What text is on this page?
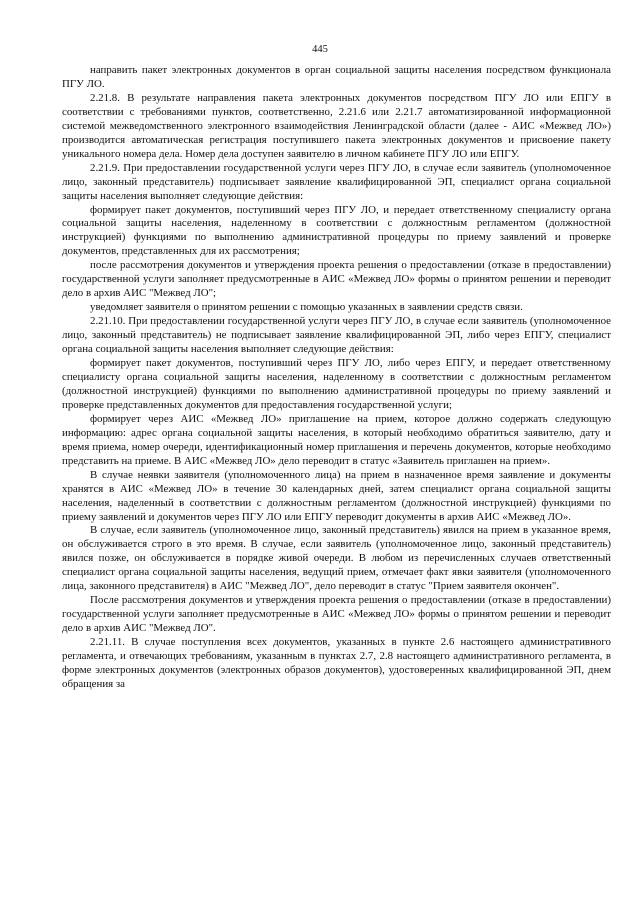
445

направить пакет электронных документов в орган социальной защиты населения посредством функционала ПГУ ЛО.

2.21.8. В результате направления пакета электронных документов посредством ПГУ ЛО или ЕПГУ в соответствии с требованиями пунктов, соответственно, 2.21.6 или 2.21.7 автоматизированной информационной системой межведомственного электронного взаимодействия Ленинградской области (далее - АИС «Межвед ЛО») производится автоматическая регистрация поступившего пакета электронных документов и присвоение пакету уникального номера дела. Номер дела доступен заявителю в личном кабинете ПГУ ЛО или ЕПГУ.

2.21.9. При предоставлении государственной услуги через ПГУ ЛО, в случае если заявитель (уполномоченное лицо, законный представитель) подписывает заявление квалифицированной ЭП, специалист органа социальной защиты населения выполняет следующие действия:

формирует пакет документов, поступивший через ПГУ ЛО, и передает ответственному специалисту органа социальной защиты населения, наделенному в соответствии с должностным регламентом (должностной инструкцией) функциями по выполнению административной процедуры по приему заявлений и проверке документов, представленных для их рассмотрения;

после рассмотрения документов и утверждения проекта решения о предоставлении (отказе в предоставлении) государственной услуги заполняет предусмотренные в АИС «Межвед ЛО» формы о принятом решении и переводит дело в архив АИС "Межвед ЛО";

уведомляет заявителя о принятом решении с помощью указанных в заявлении средств связи.

2.21.10. При предоставлении государственной услуги через ПГУ ЛО, в случае если заявитель (уполномоченное лицо, законный представитель) не подписывает заявление квалифицированной ЭП, либо через ЕПГУ, специалист органа социальной защиты населения выполняет следующие действия:

формирует пакет документов, поступивший через ПГУ ЛО, либо через ЕПГУ, и передает ответственному специалисту органа социальной защиты населения, наделенному в соответствии с должностным регламентом (должностной инструкцией) функциями по выполнению административной процедуры по приему заявлений и проверке представленных документов для предоставления государственной услуги;

формирует через АИС «Межвед ЛО» приглашение на прием, которое должно содержать следующую информацию: адрес органа социальной защиты населения, в который необходимо обратиться заявителю, дату и время приема, номер очереди, идентификационный номер приглашения и перечень документов, которые необходимо представить на приеме. В АИС «Межвед ЛО» дело переводит в статус «Заявитель приглашен на прием».

В случае неявки заявителя (уполномоченного лица) на прием в назначенное время заявление и документы хранятся в АИС «Межвед ЛО» в течение 30 календарных дней, затем специалист органа социальной защиты населения, наделенный в соответствии с должностным регламентом (должностной инструкцией) функциями по приему заявлений и документов через ПГУ ЛО или ЕПГУ переводит документы в архив АИС «Межвед ЛО».

В случае, если заявитель (уполномоченное лицо, законный представитель) явился на прием в указанное время, он обслуживается строго в это время. В случае, если заявитель (уполномоченное лицо, законный представитель) явился позже, он обслуживается в порядке живой очереди. В любом из перечисленных случаев ответственный специалист органа социальной защиты населения, ведущий прием, отмечает факт явки заявителя (уполномоченного лица, законного представителя) в АИС "Межвед ЛО", дело переводит в статус "Прием заявителя окончен".

После рассмотрения документов и утверждения проекта решения о предоставлении (отказе в предоставлении) государственной услуги заполняет предусмотренные в АИС «Межвед ЛО» формы о принятом решении и переводит дело в архив АИС "Межвед ЛО".

2.21.11. В случае поступления всех документов, указанных в пункте 2.6 настоящего административного регламента, и отвечающих требованиям, указанным в пунктах 2.7, 2.8 настоящего административного регламента, в форме электронных документов (электронных образов документов), удостоверенных квалифицированной ЭП, днем обращения за
